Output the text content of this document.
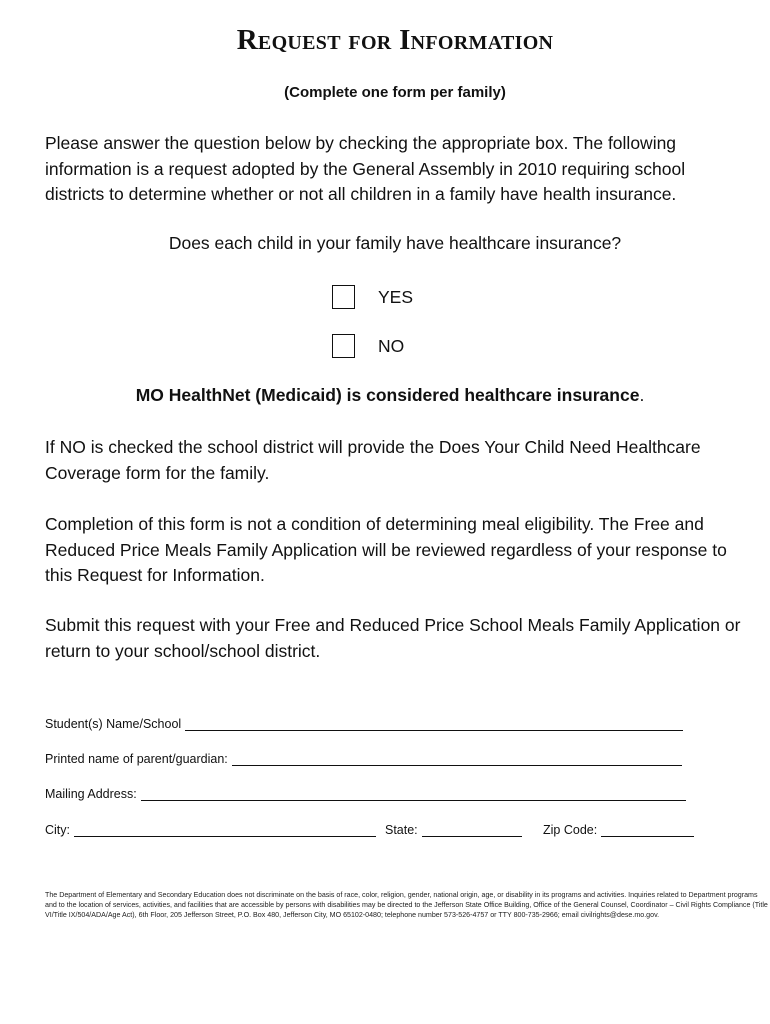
Request for Information
(Complete one form per family)
Please answer the question below by checking the appropriate box. The following information is a request adopted by the General Assembly in 2010 requiring school districts to determine whether or not all children in a family have health insurance.
Does each child in your family have healthcare insurance?
YES
NO
MO HealthNet (Medicaid) is considered healthcare insurance.
If NO is checked the school district will provide the Does Your Child Need Healthcare Coverage form for the family.
Completion of this form is not a condition of determining meal eligibility. The Free and Reduced Price Meals Family Application will be reviewed regardless of your response to this Request for Information.
Submit this request with your Free and Reduced Price School Meals Family Application or return to your school/school district.
Student(s) Name/School
Printed name of parent/guardian:
Mailing Address:
City:	State:	Zip Code:
The Department of Elementary and Secondary Education does not discriminate on the basis of race, color, religion, gender, national origin, age, or disability in its programs and activities. Inquiries related to Department programs and to the location of services, activities, and facilities that are accessible by persons with disabilities may be directed to the Jefferson State Office Building, Office of the General Counsel, Coordinator – Civil Rights Compliance (Title VI/Title IX/504/ADA/Age Act), 6th Floor, 205 Jefferson Street, P.O. Box 480, Jefferson City, MO 65102-0480; telephone number 573-526-4757 or TTY 800-735-2966; email civilrights@dese.mo.gov.
